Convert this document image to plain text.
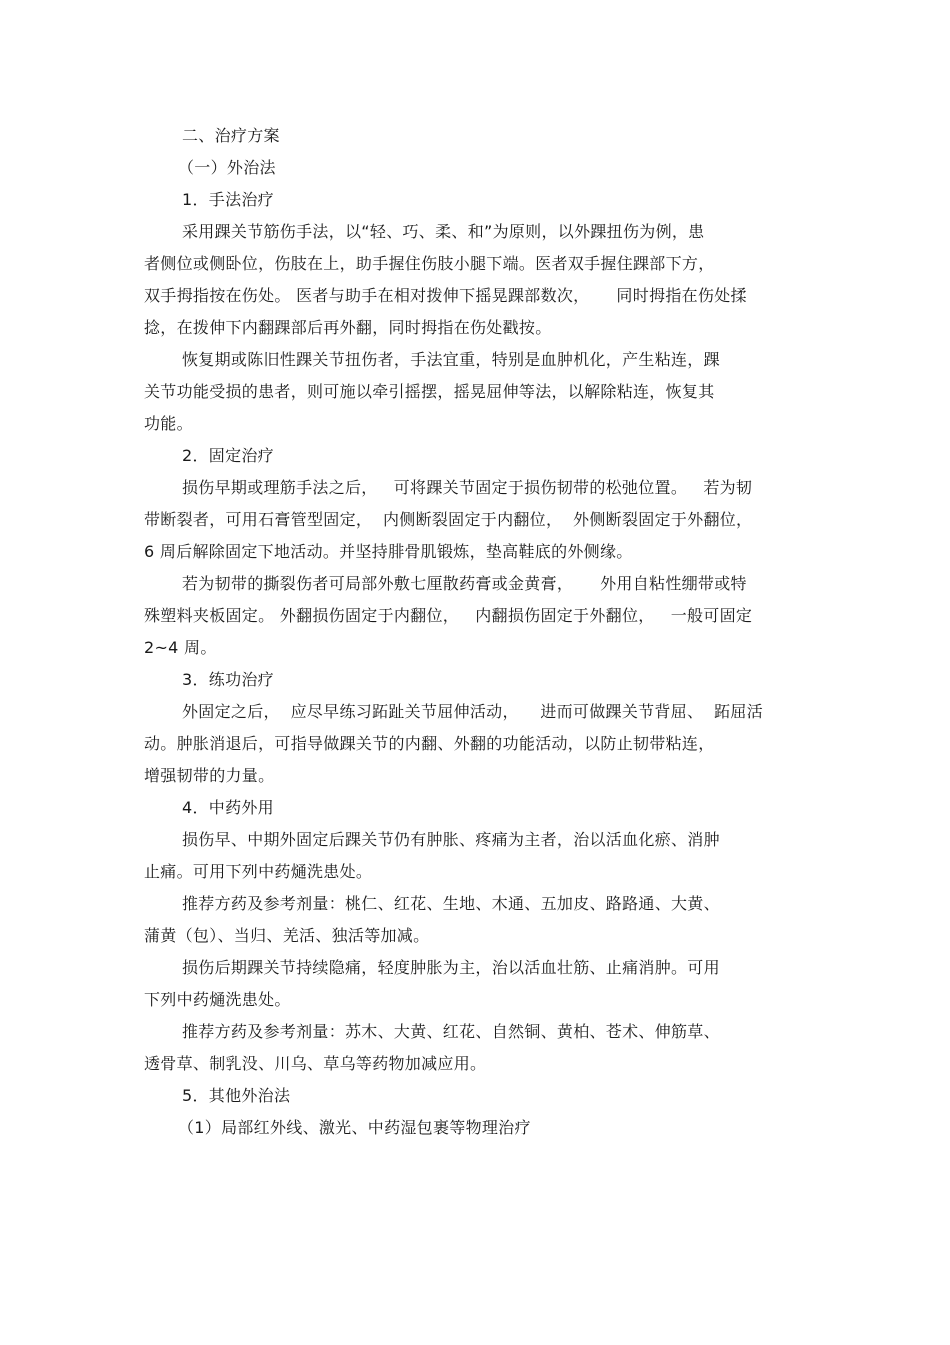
二、治疗方案
（一）外治法
1．手法治疗
采用踝关节筋伤手法，以“轻、巧、柔、和”为原则，以外踝扭伤为例，患
者侧位或侧卧位，伤肢在上，助手握住伤肢小腿下端。医者双手握住踝部下方，
双手拇指按在伤处。 医者与助手在相对拨伸下摇晃踝部数次，     同时拇指在伤处揉
捻，在拨伸下内翻踝部后再外翻，同时拇指在伤处戳按。
恢复期或陈旧性踝关节扭伤者，手法宜重，特别是血肿机化，产生粘连，踝
关节功能受损的患者，则可施以牵引摇摆，摇晃屈伸等法，以解除粘连，恢复其
功能。
2．固定治疗
损伤早期或理筋手法之后，   可将踝关节固定于损伤韧带的松弛位置。   若为韧
带断裂者，可用石膏管型固定，  内侧断裂固定于内翻位，  外侧断裂固定于外翻位，
6 周后解除固定下地活动。并坚持腓骨肌锻炼，垫高鞋底的外侧缘。
若为韧带的撕裂伤者可局部外敷七厘散药膏或金黄膏，     外用自粘性绷带或特
殊塑料夹板固定。 外翻损伤固定于内翻位，   内翻损伤固定于外翻位，   一般可固定
2~4 周。
3．练功治疗
外固定之后，  应尽早练习跖趾关节屈伸活动，    进而可做踝关节背屈、  跖屈活
动。肿胀消退后，可指导做踝关节的内翻、外翻的功能活动，以防止韧带粘连，
增强韧带的力量。
4．中药外用
损伤早、中期外固定后踝关节仍有肿胀、疼痛为主者，治以活血化瘀、消肿
止痛。可用下列中药熥洗患处。
推荐方药及参考剂量：桃仁、红花、生地、木通、五加皮、路路通、大黄、
蒲黄（包）、当归、羌活、独活等加减。
损伤后期踝关节持续隐痛，轻度肿胀为主，治以活血壮筋、止痛消肿。可用
下列中药熥洗患处。
推荐方药及参考剂量：苏木、大黄、红花、自然铜、黄柏、苍术、伸筋草、
透骨草、制乳没、川乌、草乌等药物加减应用。
5．其他外治法
（1）局部红外线、激光、中药湿包裹等物理治疗
